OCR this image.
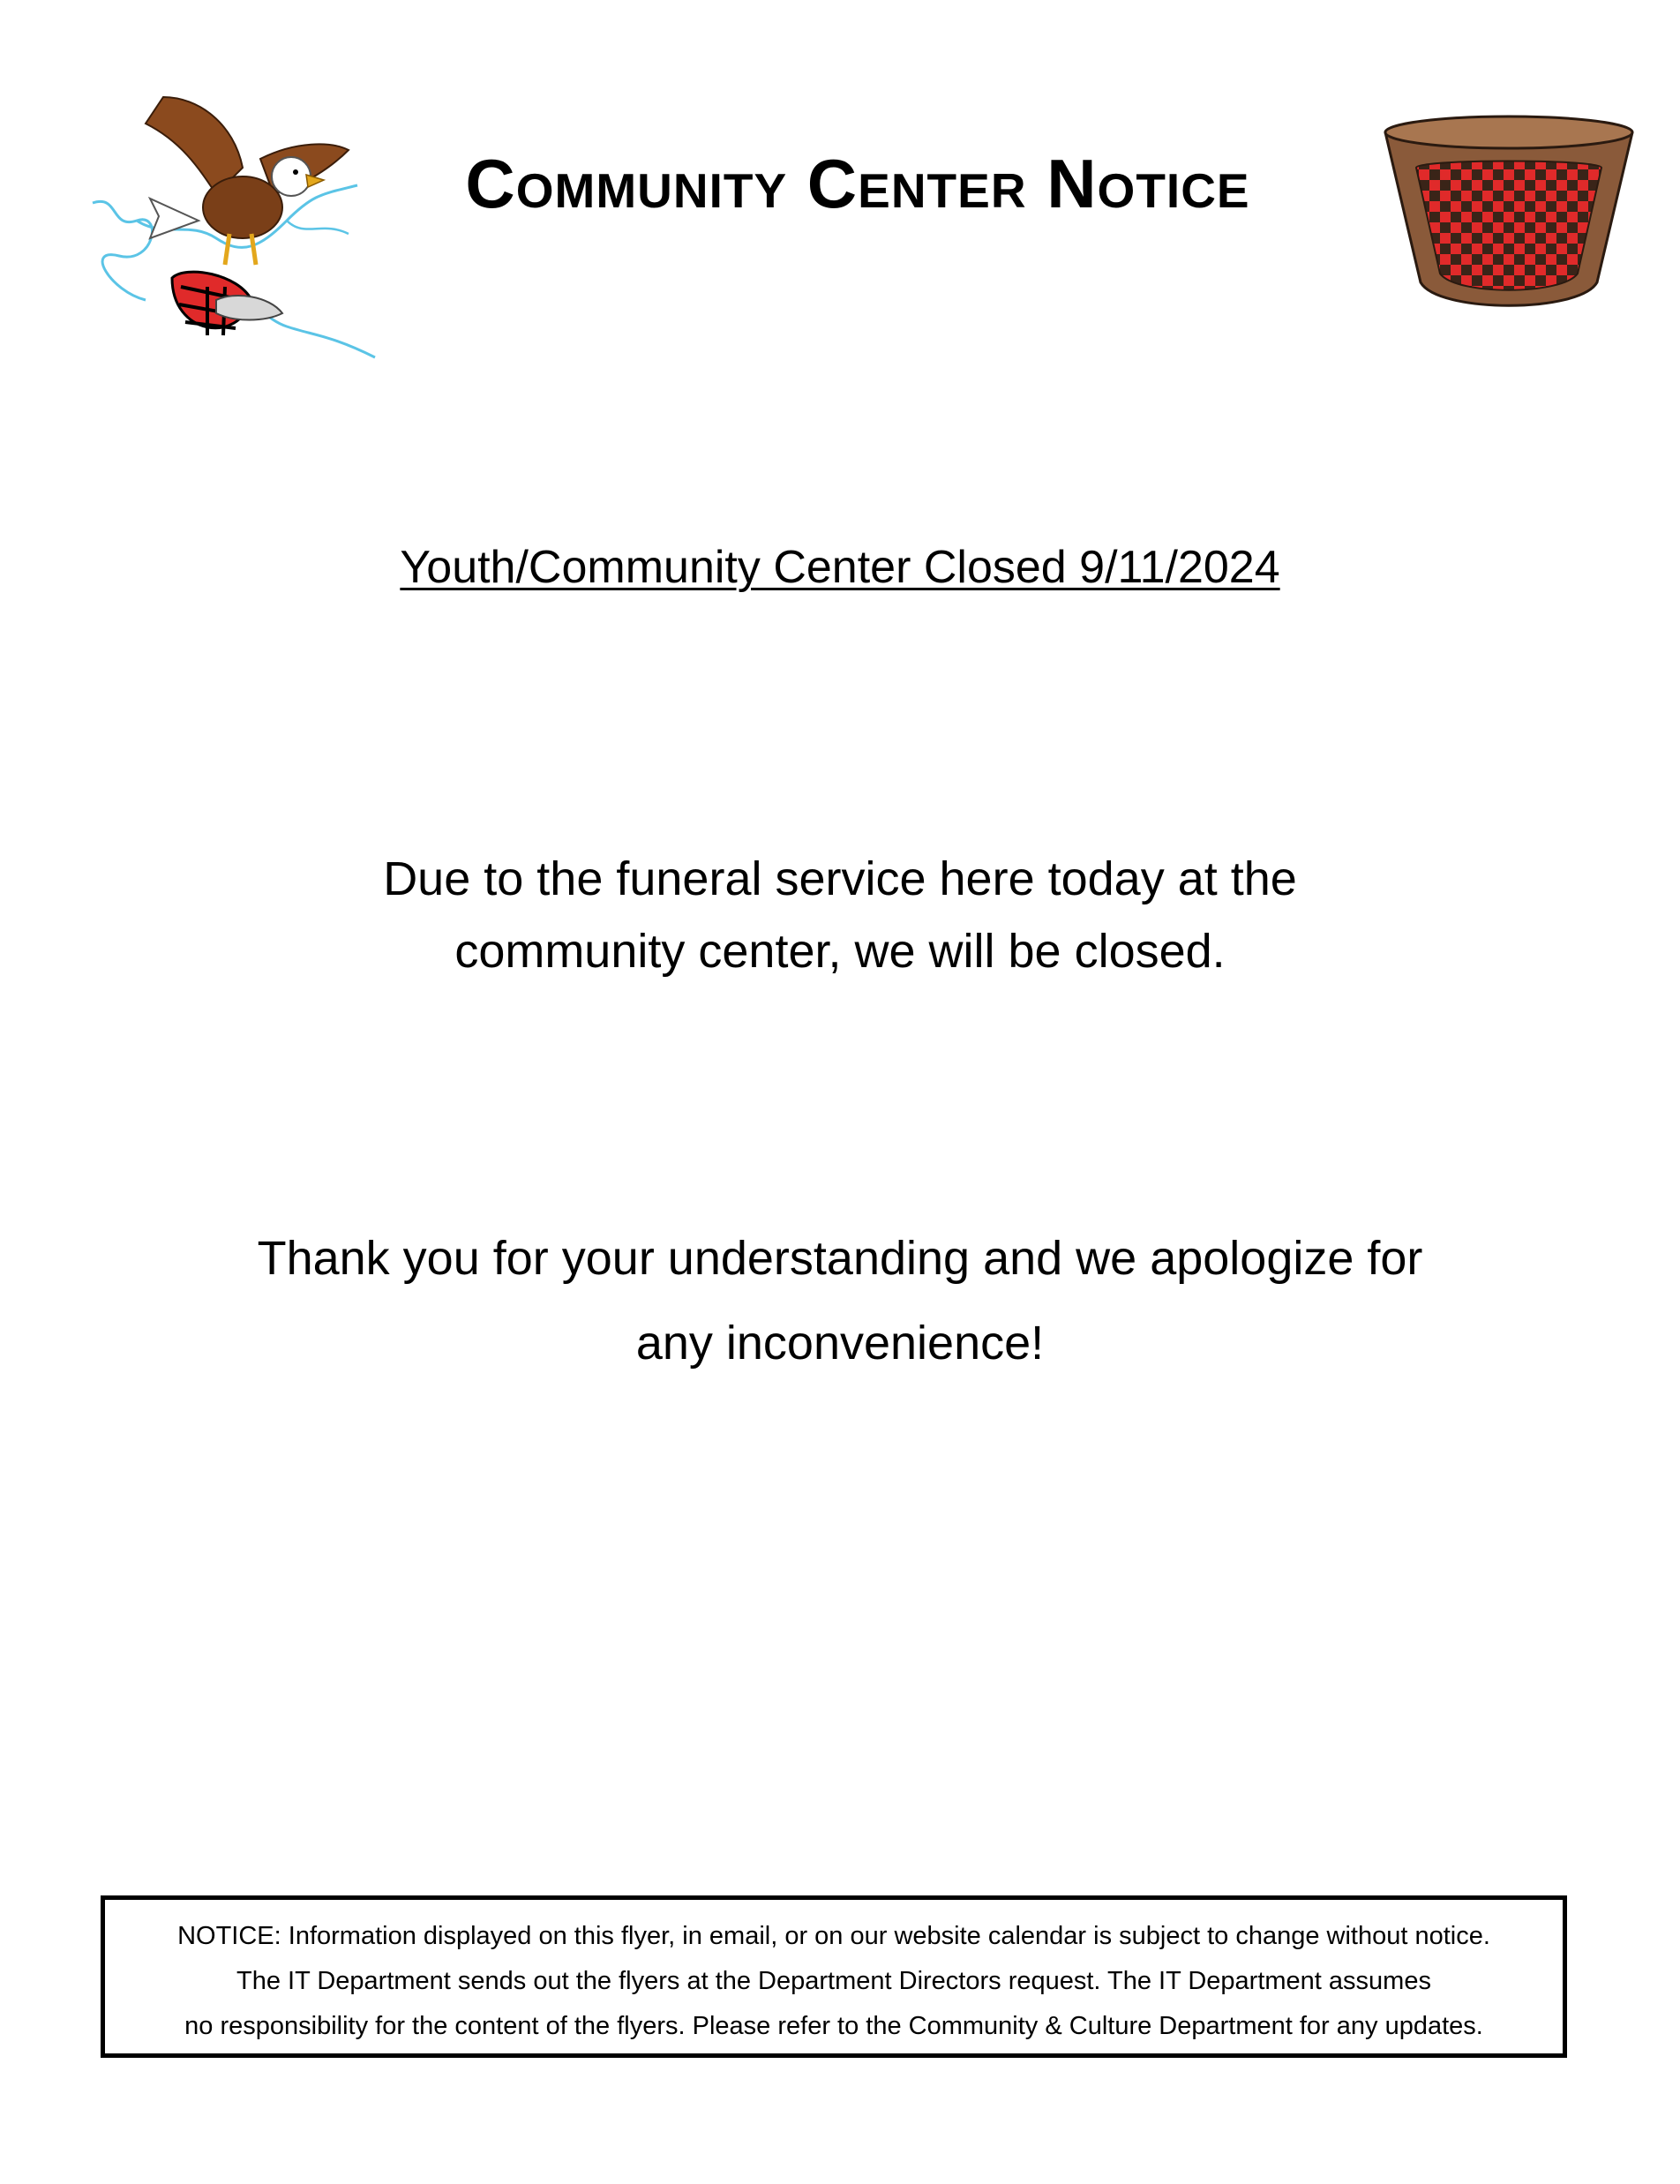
Community Center Notice
Youth/Community Center Closed 9/11/2024
Due to the funeral service here today at the
community center, we will be closed.
Thank you for your understanding and we apologize for
any inconvenience!
NOTICE: Information displayed on this flyer, in email, or on our website calendar is subject to change without notice.
The IT Department sends out the flyers at the Department Directors request. The IT Department assumes
no responsibility for the content of the flyers. Please refer to the Community & Culture Department for any updates.
